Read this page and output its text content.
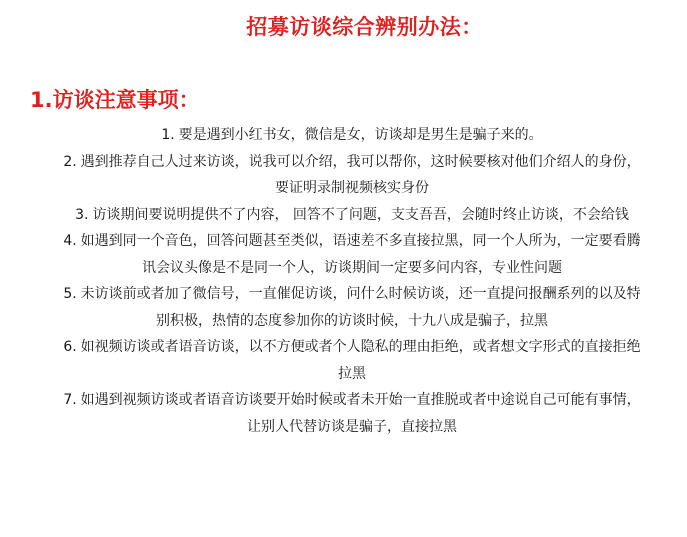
招募访谈综合辨别办法：
1.访谈注意事项：
1. 要是遇到小红书女，微信是女，访谈却是男生是骗子来的。
2. 遇到推荐自己人过来访谈，说我可以介绍，我可以帮你，这时候要核对他们介绍人的身份，要证明录制视频核实身份
3. 访谈期间要说明提供不了内容， 回答不了问题，支支吾吾，会随时终止访谈，不会给钱
4. 如遇到同一个音色，回答问题甚至类似，语速差不多直接拉黑，同一个人所为，一定要看腾讯会议头像是不是同一个人，访谈期间一定要多问内容，专业性问题
5. 未访谈前或者加了微信号，一直催促访谈，问什么时候访谈，还一直提问报酬系列的以及特别积极，热情的态度参加你的访谈时候，十九八成是骗子，拉黑
6. 如视频访谈或者语音访谈，以不方便或者个人隐私的理由拒绝，或者想文字形式的直接拒绝拉黑
7. 如遇到视频访谈或者语音访谈要开始时候或者未开始一直推脱或者中途说自己可能有事情，让别人代替访谈是骗子，直接拉黑
